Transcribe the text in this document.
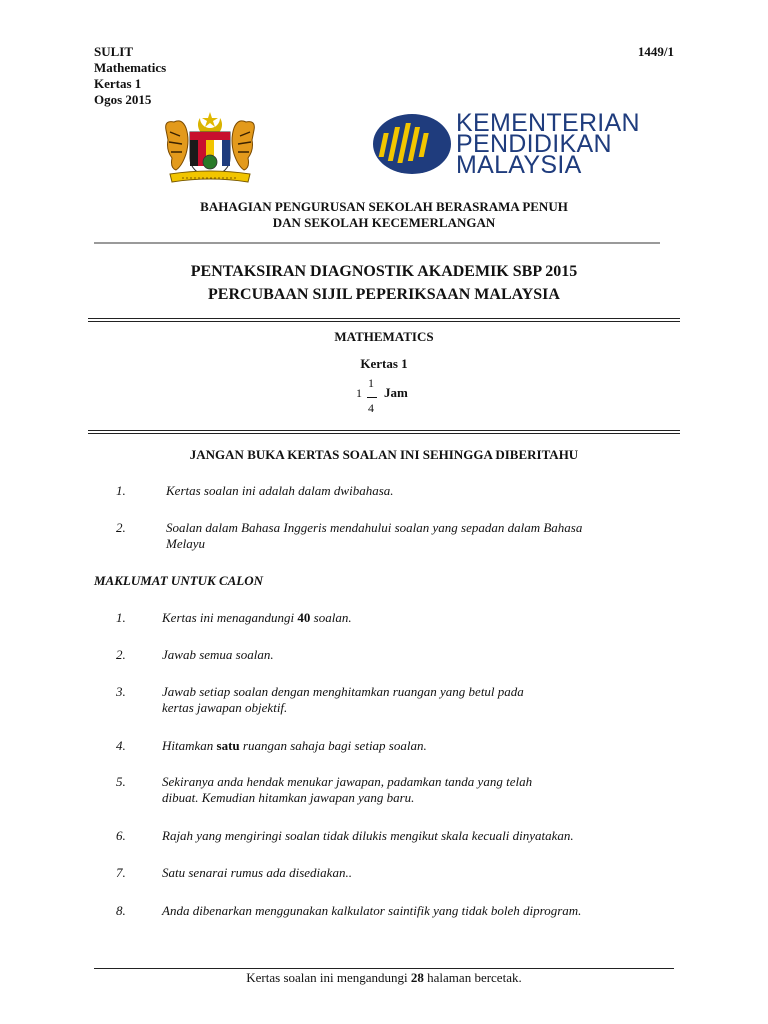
SULIT
Mathematics
Kertas 1
Ogos 2015
1449/1
KEMENTERIAN
PENDIDIKAN
MALAYSIA
BAHAGIAN PENGURUSAN SEKOLAH BERASRAMA PENUH
DAN SEKOLAH KECEMERLANGAN
PENTAKSIRAN DIAGNOSTIK AKADEMIK SBP 2015
PERCUBAAN SIJIL PEPERIKSAAN MALAYSIA
MATHEMATICS
Kertas 1
1
1
4
Jam
JANGAN BUKA KERTAS SOALAN INI SEHINGGA DIBERITAHU
1.	Kertas soalan ini adalah dalam dwibahasa.
2.	Soalan dalam Bahasa Inggeris mendahului soalan yang sepadan dalam Bahasa
Melayu
MAKLUMAT UNTUK CALON
1.	Kertas ini menagandungi 40 soalan.
2.	Jawab semua soalan.
3.	Jawab setiap soalan dengan menghitamkan ruangan yang betul pada
kertas jawapan objektif.
4.	Hitamkan satu ruangan sahaja bagi setiap soalan.
5.	Sekiranya anda hendak menukar jawapan, padamkan tanda yang telah
dibuat. Kemudian hitamkan jawapan yang baru.
6.	Rajah yang mengiringi soalan tidak dilukis mengikut skala kecuali dinyatakan.
7.	Satu senarai rumus ada disediakan..
8.	Anda dibenarkan menggunakan kalkulator saintifik yang tidak boleh diprogram.
Kertas soalan ini mengandungi 28 halaman bercetak.
